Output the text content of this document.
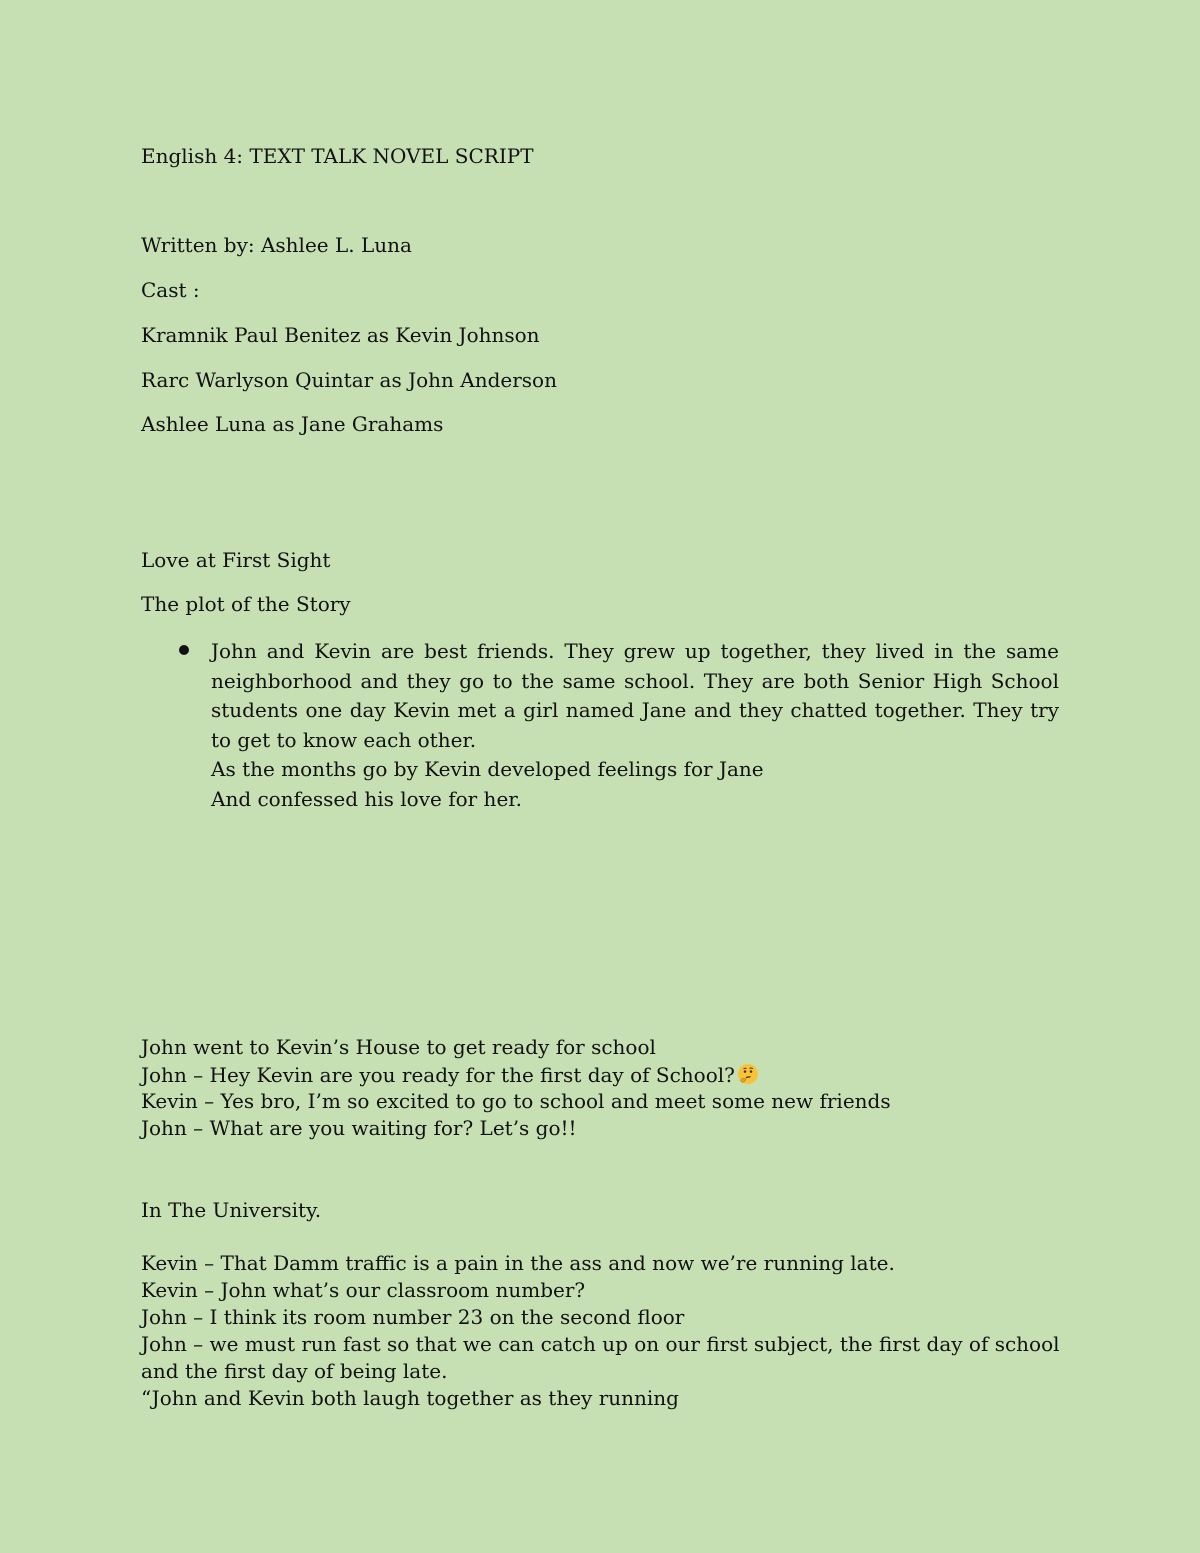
English 4: TEXT TALK NOVEL SCRIPT
Written by: Ashlee L. Luna
Cast :
Kramnik Paul Benitez as Kevin Johnson
Rarc Warlyson Quintar as John Anderson
Ashlee Luna as Jane Grahams
Love at First Sight
The plot of the Story
John and Kevin are best friends. They grew up together, they lived in the same neighborhood and they go to the same school. They are both Senior High School students one day Kevin met a girl named Jane and they chatted together. They try to get to know each other.
As the months go by Kevin developed feelings for Jane
And confessed his love for her.
John went to Kevin’s House to get ready for school
John – Hey Kevin are you ready for the first day of School?
Kevin – Yes bro, I’m so excited to go to school and meet some new friends
John – What are you waiting for? Let’s go!!
In The University.
Kevin – That Damm traffic is a pain in the ass and now we’re running late.
Kevin – John what’s our classroom number?
John – I think its room number 23 on the second floor
John – we must run fast so that we can catch up on our first subject, the first day of school
and the first day of being late.
“John and Kevin both laugh together as they running
